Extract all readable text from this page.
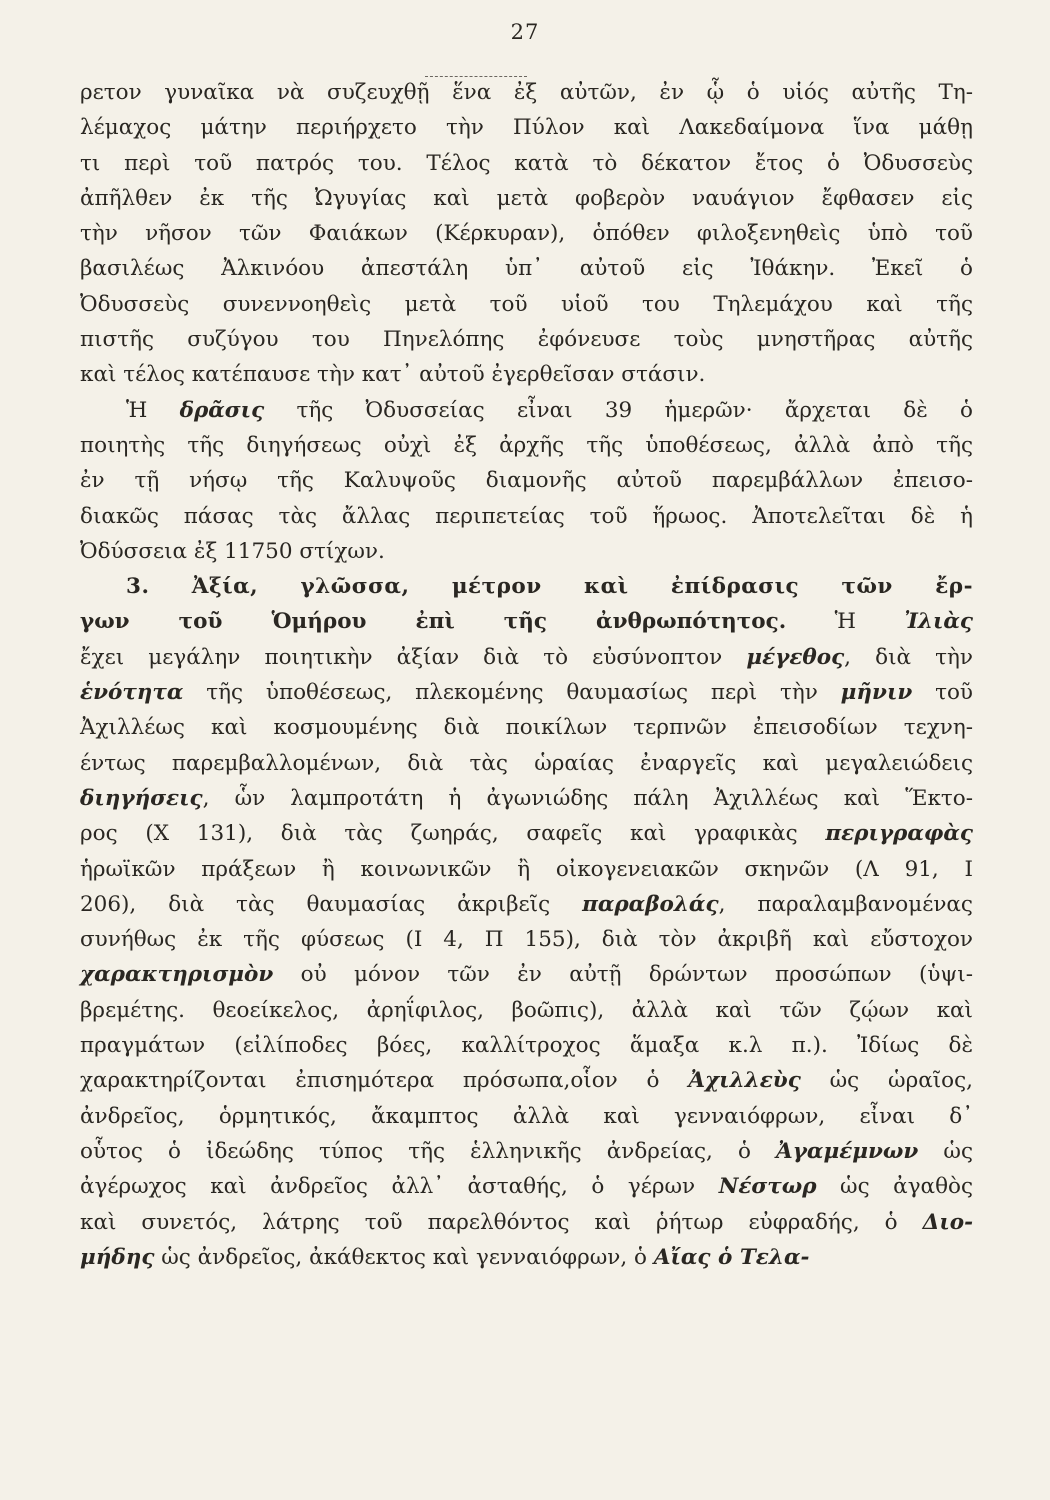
27
ρετον γυναῖκα νὰ συζευχθῇ ἕνα ἐξ αὐτῶν, ἐν ᾧ ὁ υἱός αὐτῆς Τη-
λέμαχος μάτην περιήρχετο τὴν Πύλον καὶ Λακεδαίμονα ἵνα μάθῃ
τι περὶ τοῦ πατρός του. Τέλος κατὰ τὸ δέκατον ἔτος ὁ Ὀδυσσεὺς
ἀπῆλθεν ἐκ τῆς Ὠγυγίας καὶ μετὰ φοβερὸν ναυάγιον ἔφθασεν εἰς
τὴν νῆσον τῶν Φαιάκων (Κέρκυραν), ὁπόθεν φιλοξενηθεὶς ὑπὸ τοῦ
βασιλέως Ἀλκινόου ἀπεστάλη ὑπ᾿ αὐτοῦ εἰς Ἰθάκην. Ἐκεῖ ὁ
Ὀδυσσεὺς συνεννοηθεὶς μετὰ τοῦ υἱοῦ του Τηλεμάχου καὶ τῆς
πιστῆς συζύγου του Πηνελόπης ἐφόνευσε τοὺς μνηστῆρας αὐτῆς
καὶ τέλος κατέπαυσε τὴν κατ᾿ αὐτοῦ ἐγερθεῖσαν στάσιν.
Ἡ δρᾶσις τῆς Ὀδυσσείας εἶναι 39 ἡμερῶν· ἄρχεται δὲ ὁ
ποιητὴς τῆς διηγήσεως οὐχὶ ἐξ ἀρχῆς τῆς ὑποθέσεως, ἀλλὰ ἀπὸ τῆς
ἐν τῇ νήσῳ τῆς Καλυψοῦς διαμονῆς αὐτοῦ παρεμβάλλων ἐπεισο-
διακῶς πάσας τὰς ἄλλας περιπετείας τοῦ ἥρωος. Ἀποτελεῖται δὲ ἡ
Ὀδύσσεια ἐξ 11750 στίχων.
3. Ἀξία, γλῶσσα, μέτρον καὶ ἐπίδρασις τῶν ἔρ-
γων τοῦ Ὁμήρου ἐπὶ τῆς ἀνθρωπότητος. Ἡ Ἰλιὰς
ἔχει μεγάλην ποιητικὴν ἀξίαν διὰ τὸ εὐσύνοπτον μέγεθος, διὰ τὴν
ἑνότητα τῆς ὑποθέσεως, πλεκομένης θαυμασίως περὶ τὴν μῆνιν τοῦ
Ἀχιλλέως καὶ κοσμουμένης διὰ ποικίλων τερπνῶν ἐπεισοδίων τεχνη-
έντως παρεμβαλλομένων, διὰ τὰς ὡραίας ἐναργεῖς καὶ μεγαλειώδεις
διηγήσεις, ὧν λαμπροτάτη ἡ ἀγωνιώδης πάλη Ἀχιλλέως καὶ Ἕκτο-
ρος (Χ 131), διὰ τὰς ζωηράς, σαφεῖς καὶ γραφικὰς περιγραφὰς
ἡρωϊκῶν πράξεων ἢ κοινωνικῶν ἢ οἰκογενειακῶν σκηνῶν (Λ 91, Ι
206), διὰ τὰς θαυμασίας ἀκριβεῖς παραβολάς, παραλαμβανομένας
συνήθως ἐκ τῆς φύσεως (Ι 4, Π 155), διὰ τὸν ἀκριβῆ καὶ εὔστοχον
χαρακτηρισμὸν οὐ μόνον τῶν ἐν αὐτῇ δρώντων προσώπων (ὑψι-
βρεμέτης. θεοείκελος, ἀρηΐφιλος, βοῶπις), ἀλλὰ καὶ τῶν ζῴων καὶ
πραγμάτων (εἰλίποδες βόες, καλλίτροχος ἅμαξα κ.λ π.). Ἰδίως δὲ
χαρακτηρίζονται ἐπισημότερα πρόσωπα,οἷον ὁ Ἀχιλλεὺς ὡς ὡραῖος,
ἀνδρεῖος, ὁρμητικός, ἄκαμπτος ἀλλὰ καὶ γενναιόφρων, εἶναι δ᾿
οὗτος ὁ ἰδεώδης τύπος τῆς ἑλληνικῆς ἀνδρείας, ὁ Ἀγαμέμνων ὡς
ἀγέρωχος καὶ ἀνδρεῖος ἀλλ᾿ ἀσταθής, ὁ γέρων Νέστωρ ὡς ἀγαθὸς
καὶ συνετός, λάτρης τοῦ παρελθόντος καὶ ῥήτωρ εὐφραδής, ὁ Διο-
μήδης ὡς ἀνδρεῖος, ἀκάθεκτος καὶ γενναιόφρων, ὁ Αἴας ὁ Τελα-
